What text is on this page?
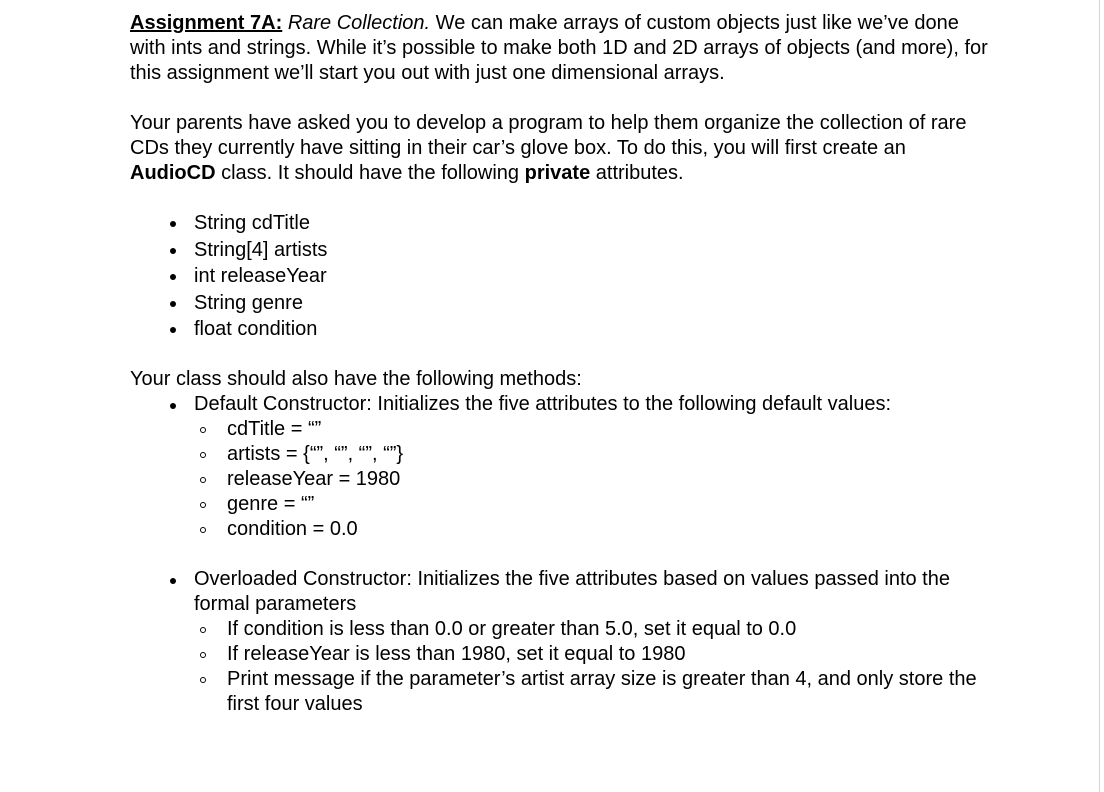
Assignment 7A: Rare Collection. We can make arrays of custom objects just like we’ve done with ints and strings. While it’s possible to make both 1D and 2D arrays of objects (and more), for this assignment we’ll start you out with just one dimensional arrays.

Your parents have asked you to develop a program to help them organize the collection of rare CDs they currently have sitting in their car’s glove box. To do this, you will first create an AudioCD class. It should have the following private attributes.

String cdTitle
String[4] artists
int releaseYear
String genre
float condition

Your class should also have the following methods:

Default Constructor: Initializes the five attributes to the following default values:
cdTitle = “”
artists = {“”, “”, “”, “”}
releaseYear = 1980
genre = “”
condition = 0.0
Overloaded Constructor: Initializes the five attributes based on values passed into the formal parameters
If condition is less than 0.0 or greater than 5.0, set it equal to 0.0
If releaseYear is less than 1980, set it equal to 1980
Print message if the parameter’s artist array size is greater than 4, and only store the first four values
